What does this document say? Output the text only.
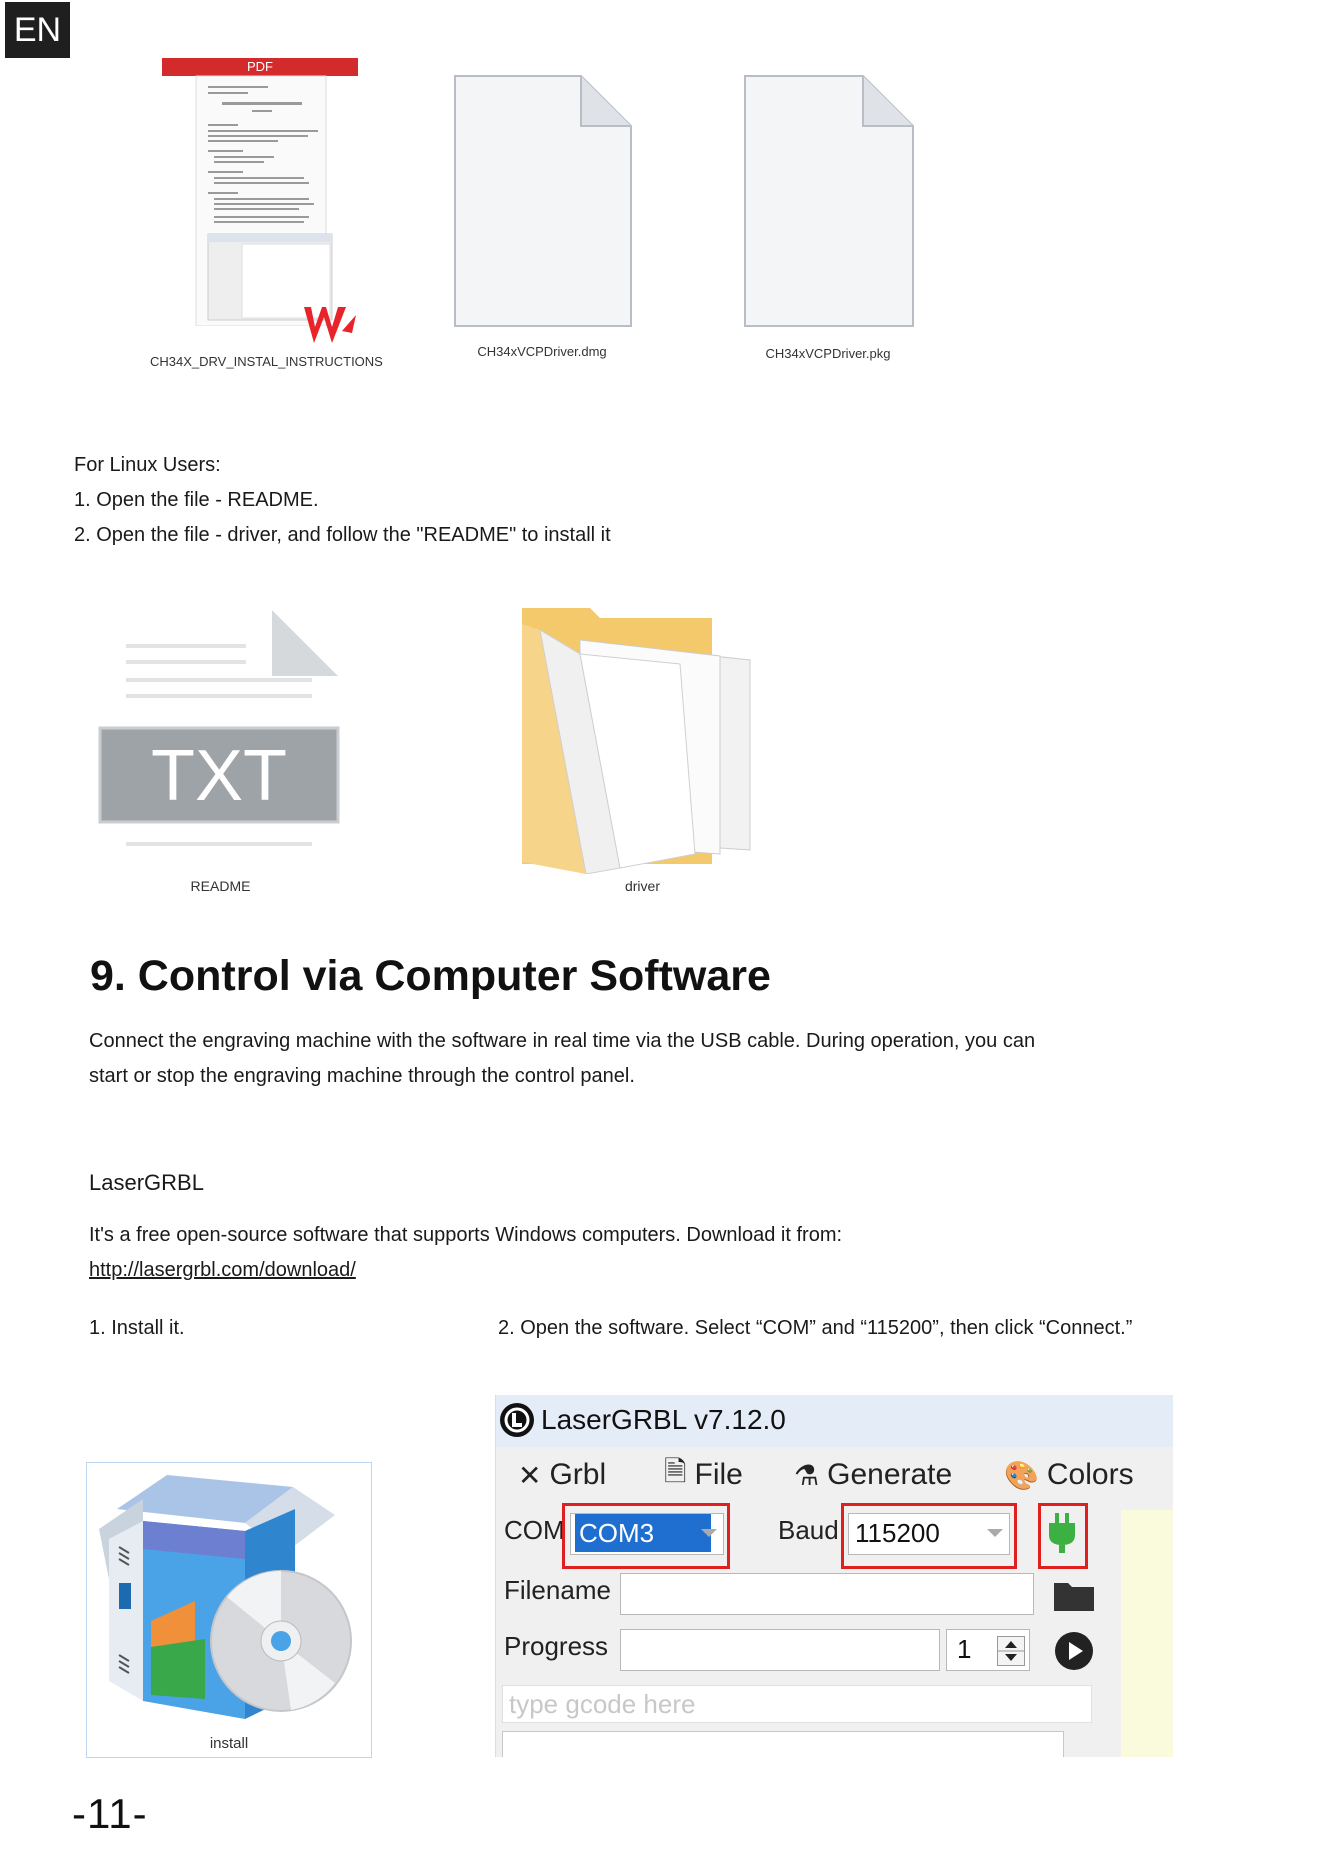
EN
CH34X_DRV_INSTAL_INSTRUCTIONS
PDF
CH34xVCPDriver.dmg	CH34xVCPDriver.pkg
For Linux Users:
1. Open the file - README.
2. Open the file - driver, and follow the "README" to install it
TXT
README	driver
9. Control via Computer Software
Connect the engraving machine with the software in real time via the USB cable. During operation, you can
start or stop the engraving machine through the control panel.
LaserGRBL
It's a free open-source software that supports Windows computers. Download it from:
http://lasergrbl.com/download/
1. Install it.	2. Open the software. Select “COM” and “115200”, then click “Connect.”
install
LaserGRBL v7.12.0
✕ Grbl 🗎 File ⚗ Generate 🎨 Colors
COM COM3	Baud 115200
Filename
Progress	1
type gcode here
-11-
